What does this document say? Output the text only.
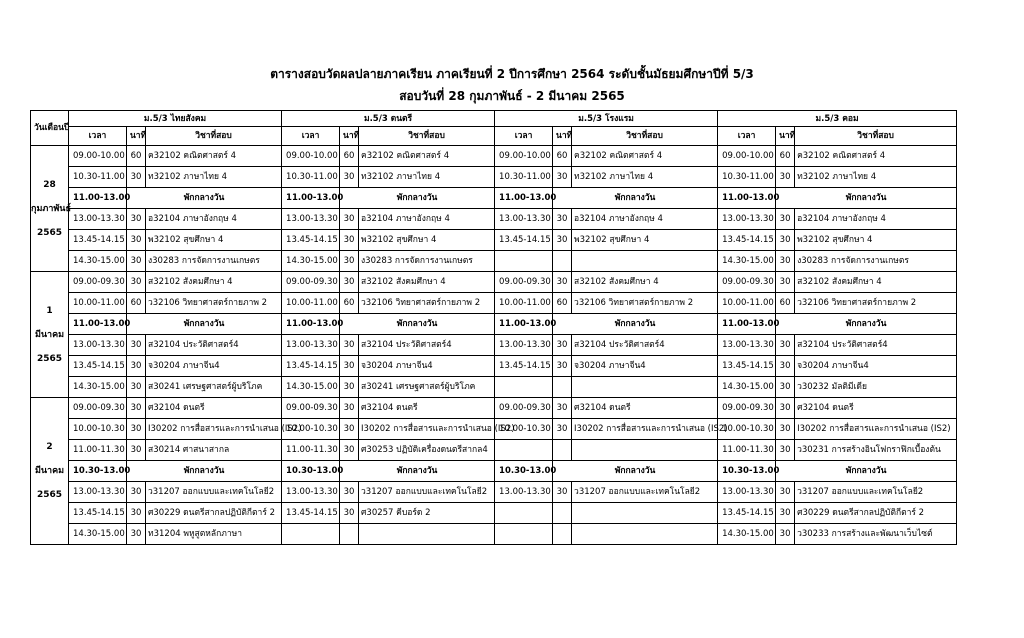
ตารางสอบวัดผลปลายภาคเรียน ภาคเรียนที่ 2 ปีการศึกษา 2564 ระดับชั้นมัธยมศึกษาปีที่ 5/3
สอบวันที่ 28 กุมภาพันธ์ - 2 มีนาคม 2565
วันเดือนปี	ม.5/3 ไทยสังคม			ม.5/3 ดนตรี			ม.5/3 โรงแรม			ม.5/3 คอม		
	เวลา	นาที	วิชาที่สอบ	เวลา	นาที	วิชาที่สอบ	เวลา	นาที	วิชาที่สอบ	เวลา	นาที	วิชาที่สอบ

28
กุมภาพันธ์
2565	09.00-10.00	60	ค32102 คณิตศาสตร์ 4	09.00-10.00	60	ค32102 คณิตศาสตร์ 4	09.00-10.00	60	ค32102 คณิตศาสตร์ 4	09.00-10.00	60	ค32102 คณิตศาสตร์ 4
	10.30-11.00	30	ท32102 ภาษาไทย 4	10.30-11.00	30	ท32102 ภาษาไทย 4	10.30-11.00	30	ท32102 ภาษาไทย 4	10.30-11.00	30	ท32102 ภาษาไทย 4
	11.00-13.00	พักกลางวัน		11.00-13.00	พักกลางวัน		11.00-13.00	พักกลางวัน		11.00-13.00	พักกลางวัน	
	13.00-13.30	30	อ32104 ภาษาอังกฤษ 4	13.00-13.30	30	อ32104 ภาษาอังกฤษ 4	13.00-13.30	30	อ32104 ภาษาอังกฤษ 4	13.00-13.30	30	อ32104 ภาษาอังกฤษ 4
	13.45-14.15	30	พ32102 สุขศึกษา 4	13.45-14.15	30	พ32102 สุขศึกษา 4	13.45-14.15	30	พ32102 สุขศึกษา 4	13.45-14.15	30	พ32102 สุขศึกษา 4
	14.30-15.00	30	ง30283 การจัดการงานเกษตร	14.30-15.00	30	ง30283 การจัดการงานเกษตร				14.30-15.00	30	ง30283 การจัดการงานเกษตร

1
มีนาคม
2565	09.00-09.30	30	ส32102 สังคมศึกษา 4	09.00-09.30	30	ส32102 สังคมศึกษา 4	09.00-09.30	30	ส32102 สังคมศึกษา 4	09.00-09.30	30	ส32102 สังคมศึกษา 4
	10.00-11.00	60	ว32106 วิทยาศาสตร์กายภาพ 2	10.00-11.00	60	ว32106 วิทยาศาสตร์กายภาพ 2	10.00-11.00	60	ว32106 วิทยาศาสตร์กายภาพ 2	10.00-11.00	60	ว32106 วิทยาศาสตร์กายภาพ 2
	11.00-13.00	พักกลางวัน		11.00-13.00	พักกลางวัน		11.00-13.00	พักกลางวัน		11.00-13.00	พักกลางวัน	
	13.00-13.30	30	ส32104 ประวัติศาสตร์4	13.00-13.30	30	ส32104 ประวัติศาสตร์4	13.00-13.30	30	ส32104 ประวัติศาสตร์4	13.00-13.30	30	ส32104 ประวัติศาสตร์4
	13.45-14.15	30	จ30204 ภาษาจีน4	13.45-14.15	30	จ30204 ภาษาจีน4	13.45-14.15	30	จ30204 ภาษาจีน4	13.45-14.15	30	จ30204 ภาษาจีน4
	14.30-15.00	30	ส30241 เศรษฐศาสตร์ผู้บริโภค	14.30-15.00	30	ส30241 เศรษฐศาสตร์ผู้บริโภค				14.30-15.00	30	ว30232 มัลติมีเดีย

2
มีนาคม
2565	09.00-09.30	30	ศ32104 ดนตรี	09.00-09.30	30	ศ32104 ดนตรี	09.00-09.30	30	ศ32104 ดนตรี	09.00-09.30	30	ศ32104 ดนตรี
	10.00-10.30	30	I30202 การสื่อสารและการนำเสนอ (IS2)	10.00-10.30	30	I30202 การสื่อสารและการนำเสนอ (IS2)	10.00-10.30	30	I30202 การสื่อสารและการนำเสนอ (IS2)	10.00-10.30	30	I30202 การสื่อสารและการนำเสนอ (IS2)
	11.00-11.30	30	ส30214 ศาสนาสากล	11.00-11.30	30	ศ30253 ปฏิบัติเครื่องดนตรีสากล4				11.00-11.30	30	ว30231 การสร้างอินโฟกราฟิกเบื้องต้น
	10.30-13.00	พักกลางวัน		10.30-13.00	พักกลางวัน		10.30-13.00	พักกลางวัน		10.30-13.00	พักกลางวัน	
	13.00-13.30	30	ว31207 ออกแบบและเทคโนโลยี2	13.00-13.30	30	ว31207 ออกแบบและเทคโนโลยี2	13.00-13.30	30	ว31207 ออกแบบและเทคโนโลยี2	13.00-13.30	30	ว31207 ออกแบบและเทคโนโลยี2
	13.45-14.15	30	ศ30229 ดนตรีสากลปฏิบัติกีตาร์ 2	13.45-14.15	30	ศ30257 คีบอร์ด 2				13.45-14.15	30	ศ30229 ดนตรีสากลปฏิบัติกีตาร์ 2
	14.30-15.00	30	ท31204 พหูสูตหลักภาษา							14.30-15.00	30	ว30233 การสร้างและพัฒนาเว็บไซต์
